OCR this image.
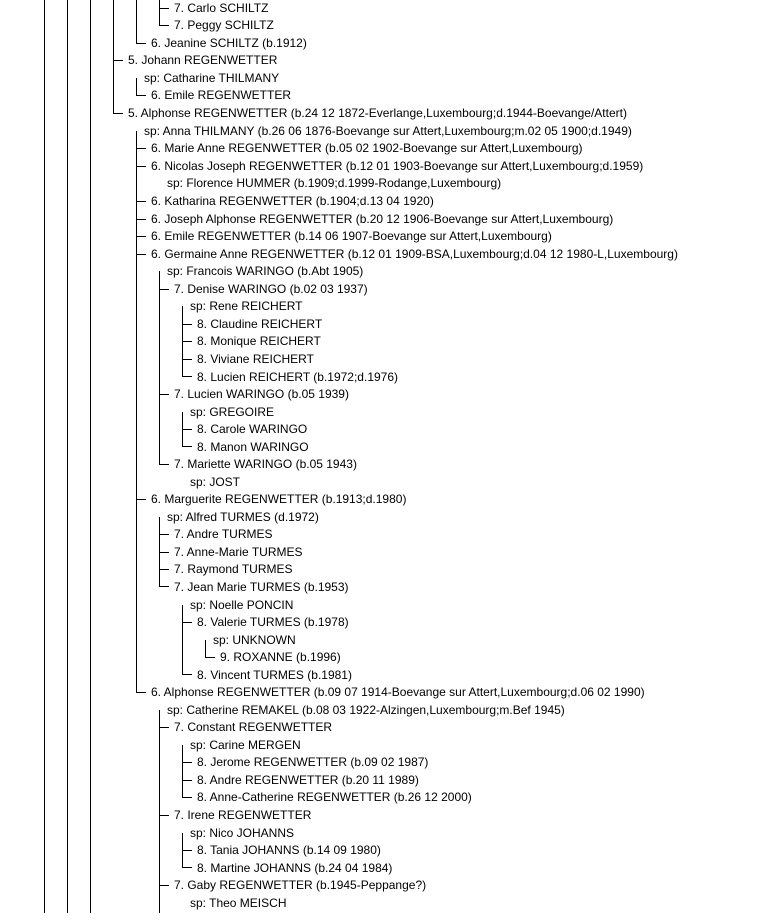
7. Carlo SCHILTZ
7. Peggy SCHILTZ
6. Jeanine SCHILTZ (b.1912)
5. Johann REGENWETTER
sp: Catharine THILMANY
6. Emile REGENWETTER
5. Alphonse REGENWETTER (b.24 12 1872-Everlange,Luxembourg;d.1944-Boevange/Attert)
sp: Anna THILMANY (b.26 06 1876-Boevange sur Attert,Luxembourg;m.02 05 1900;d.1949)
6. Marie Anne REGENWETTER (b.05 02 1902-Boevange sur Attert,Luxembourg)
6. Nicolas Joseph REGENWETTER (b.12 01 1903-Boevange sur Attert,Luxembourg;d.1959)
sp: Florence HUMMER (b.1909;d.1999-Rodange,Luxembourg)
6. Katharina REGENWETTER (b.1904;d.13 04 1920)
6. Joseph Alphonse REGENWETTER (b.20 12 1906-Boevange sur Attert,Luxembourg)
6. Emile REGENWETTER (b.14 06 1907-Boevange sur Attert,Luxembourg)
6. Germaine Anne REGENWETTER (b.12 01 1909-BSA,Luxembourg;d.04 12 1980-L,Luxembourg)
sp: Francois WARINGO (b.Abt 1905)
7. Denise WARINGO (b.02 03 1937)
sp: Rene REICHERT
8. Claudine REICHERT
8. Monique REICHERT
8. Viviane REICHERT
8. Lucien REICHERT (b.1972;d.1976)
7. Lucien WARINGO (b.05 1939)
sp: GREGOIRE
8. Carole WARINGO
8. Manon WARINGO
7. Mariette WARINGO (b.05 1943)
sp: JOST
6. Marguerite REGENWETTER (b.1913;d.1980)
sp: Alfred TURMES (d.1972)
7. Andre TURMES
7. Anne-Marie TURMES
7. Raymond TURMES
7. Jean Marie TURMES (b.1953)
sp: Noelle PONCIN
8. Valerie TURMES (b.1978)
sp: UNKNOWN
9. ROXANNE (b.1996)
8. Vincent TURMES (b.1981)
6. Alphonse REGENWETTER (b.09 07 1914-Boevange sur Attert,Luxembourg;d.06 02 1990)
sp: Catherine REMAKEL (b.08 03 1922-Alzingen,Luxembourg;m.Bef 1945)
7. Constant REGENWETTER
sp: Carine MERGEN
8. Jerome REGENWETTER (b.09 02 1987)
8. Andre REGENWETTER (b.20 11 1989)
8. Anne-Catherine REGENWETTER (b.26 12 2000)
7. Irene REGENWETTER
sp: Nico JOHANNS
8. Tania JOHANNS (b.14 09 1980)
8. Martine JOHANNS (b.24 04 1984)
7. Gaby REGENWETTER (b.1945-Peppange?)
sp: Theo MEISCH
